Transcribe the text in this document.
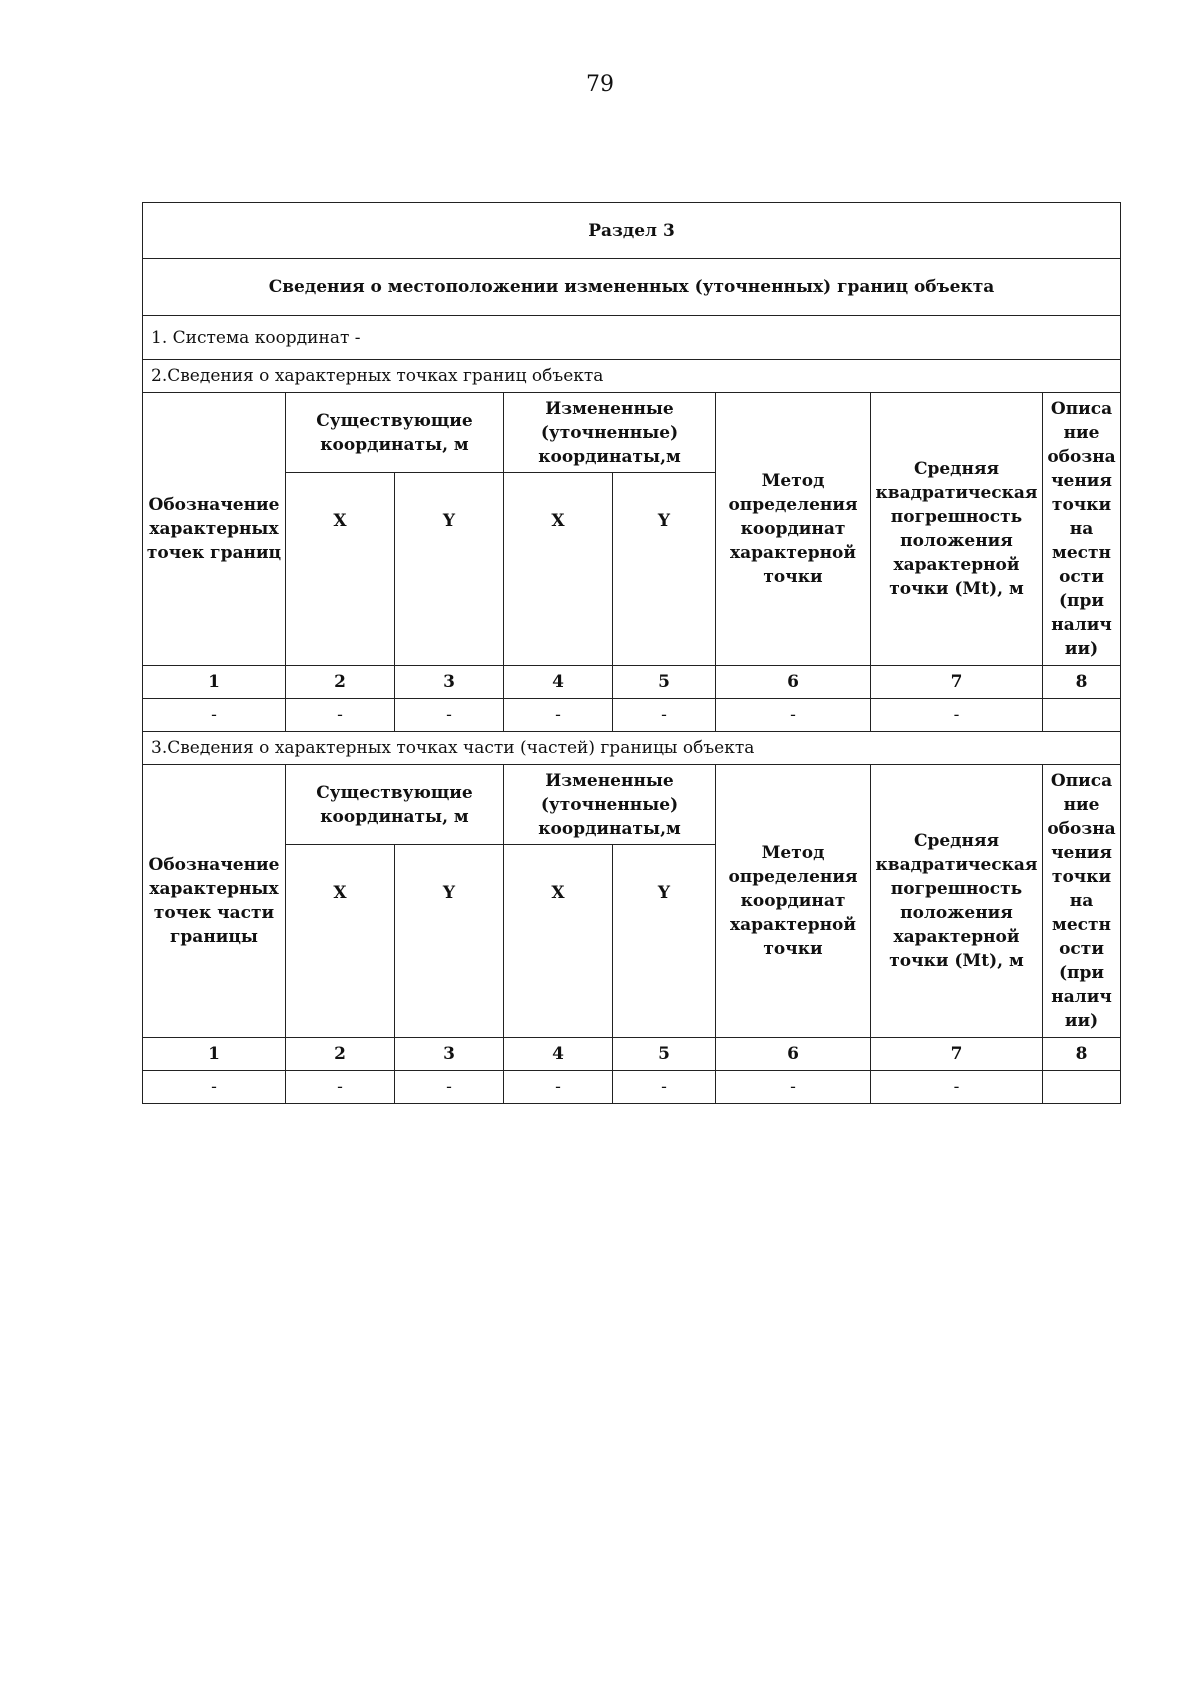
79
Раздел 3							
Сведения о местоположении измененных (уточненных) границ объекта							
1. Система координат -							
2.Сведения о характерных точках границ объекта							
Обозначение характерных точек границ	Существующие координаты, м		Измененные (уточненные) координаты,м		Метод определения координат характерной точки	Средняя квадратическая погрешность положения характерной точки (Mt), м	Описа ние обозна чения точки на местн ости (при налич ии)

	X	Y	X	Y			

1	2	3	4	5	6	7	8
-	-	-	-	-	-	-	
3.Сведения о характерных точках части (частей) границы объекта							
Обозначение характерных точек части границы	Существующие координаты, м		Измененные (уточненные) координаты,м		Метод определения координат характерной точки	Средняя квадратическая погрешность положения характерной точки (Mt), м	Описа ние обозна чения точки на местн ости (при налич ии)

	X	Y	X	Y			

1	2	3	4	5	6	7	8
-	-	-	-	-	-	-	
